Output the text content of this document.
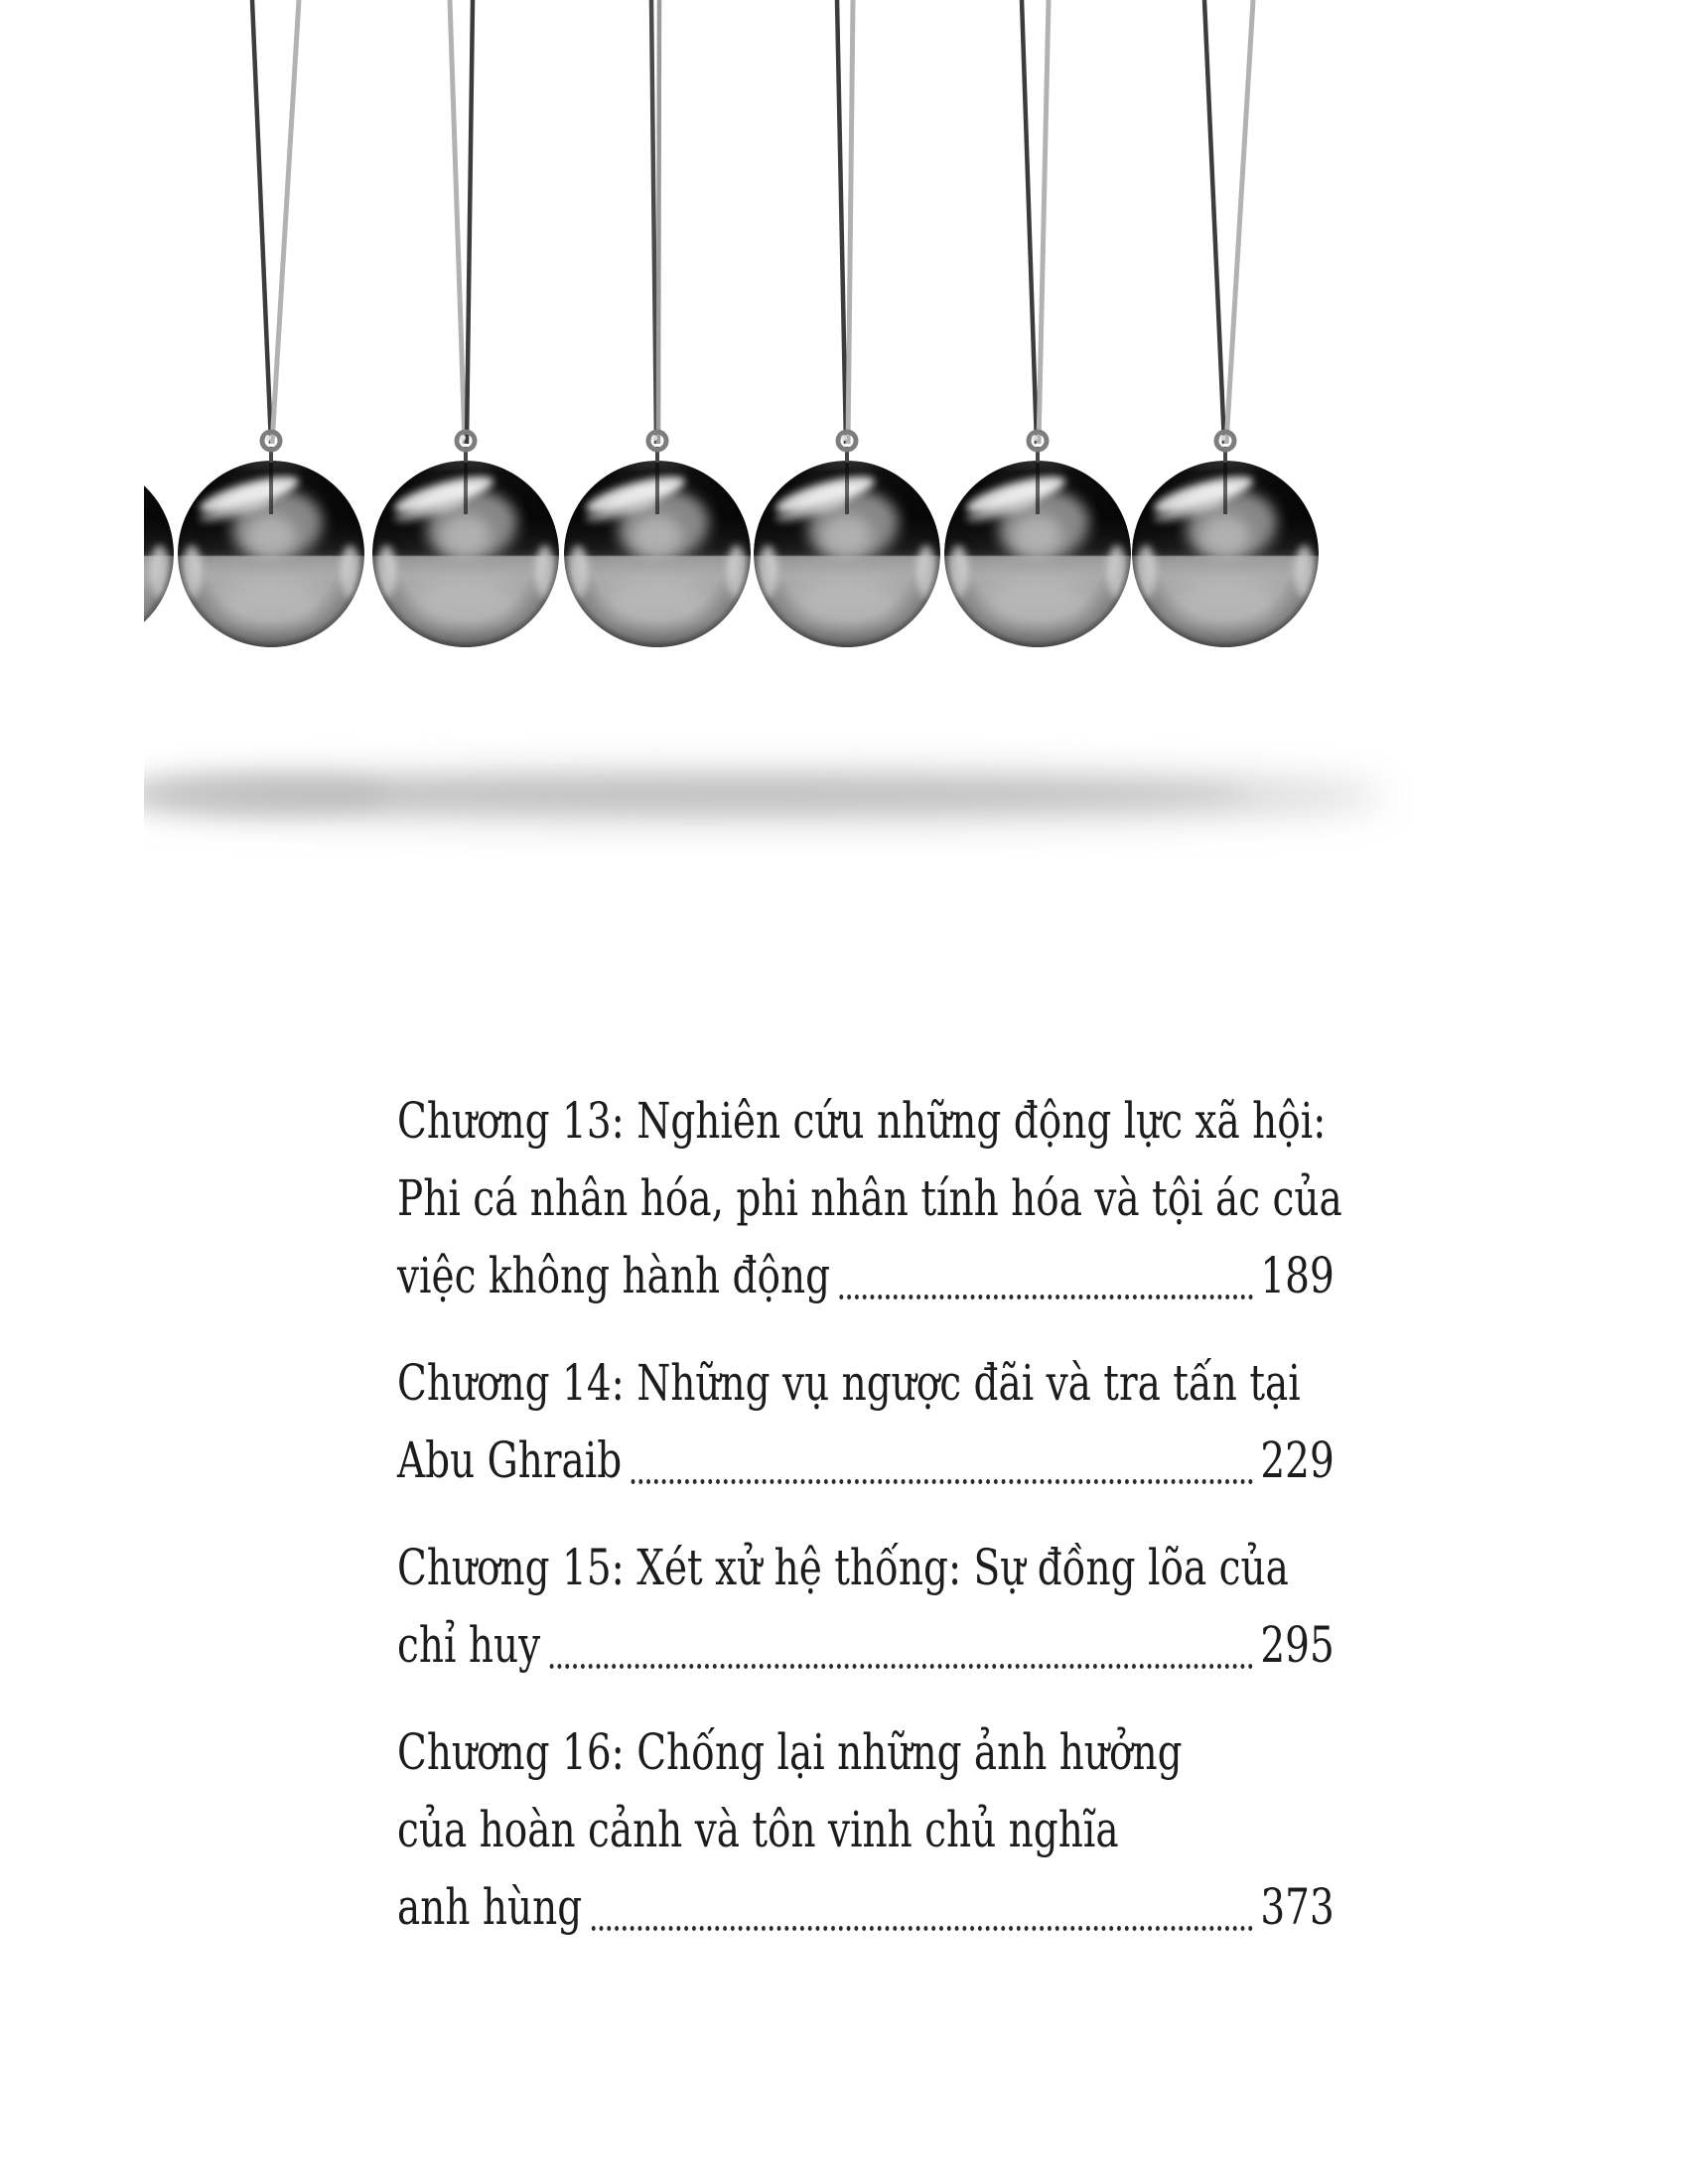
Chương 13: Nghiên cứu những động lực xã hội:

Phi cá nhân hóa, phi nhân tính hóa và tội ác của

việc không hành động	189

Chương 14: Những vụ ngược đãi và tra tấn tại

Abu Ghraib	229

Chương 15: Xét xử hệ thống: Sự đồng lõa của

chỉ huy	295

Chương 16: Chống lại những ảnh hưởng

của hoàn cảnh và tôn vinh chủ nghĩa

anh hùng	373
